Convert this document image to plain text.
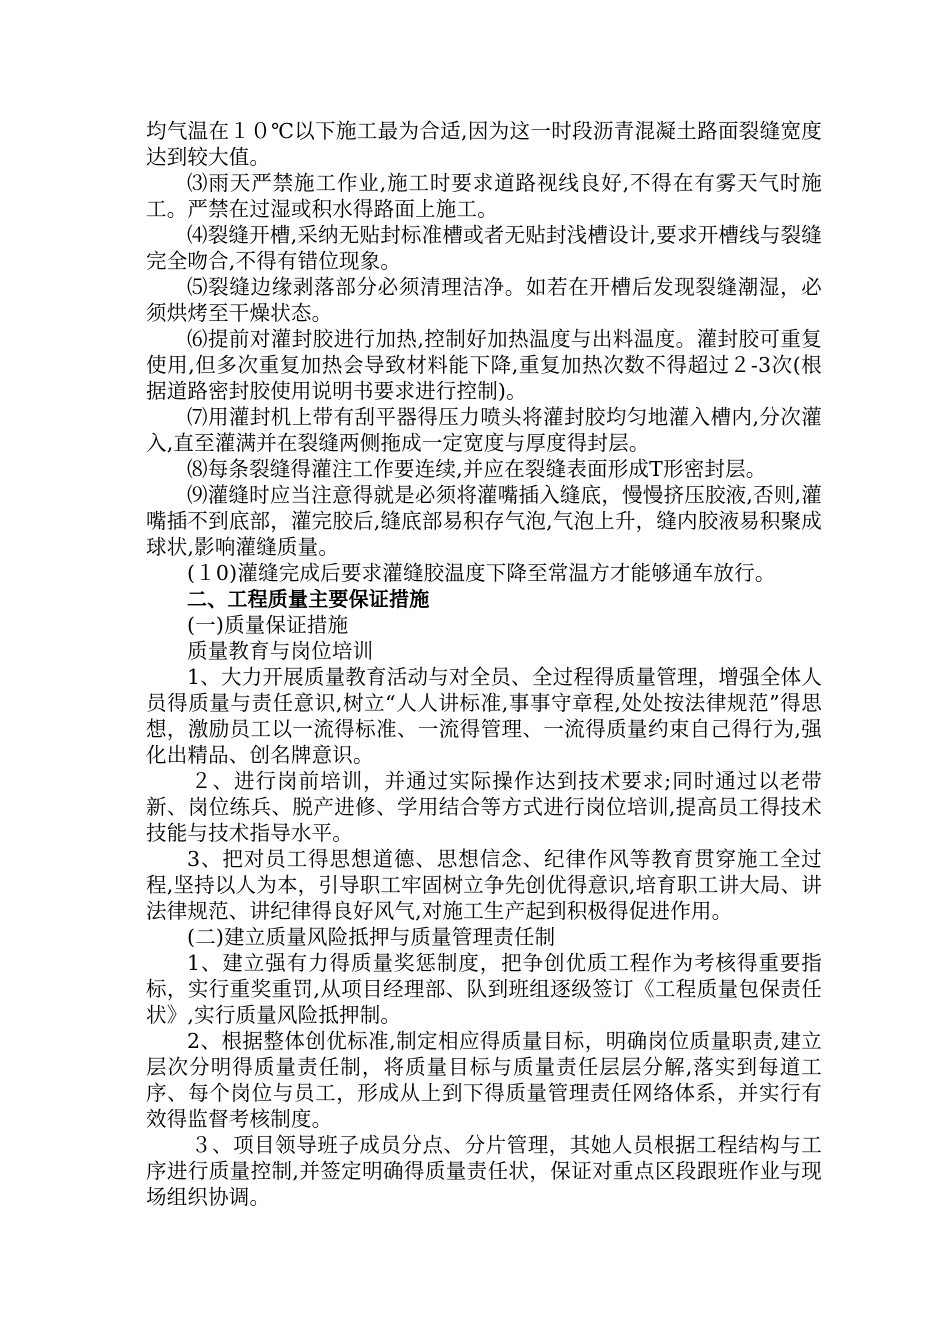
均气温在１０℃以下施工最为合适,因为这一时段沥青混凝土路面裂缝宽度达到较大值。

⑶雨天严禁施工作业,施工时要求道路视线良好,不得在有雾天气时施工。严禁在过湿或积水得路面上施工。

⑷裂缝开槽,采纳无贴封标准槽或者无贴封浅槽设计,要求开槽线与裂缝完全吻合,不得有错位现象。

⑸裂缝边缘剥落部分必须清理洁净。如若在开槽后发现裂缝潮湿，必须烘烤至干燥状态。

⑹提前对灌封胶进行加热,控制好加热温度与出料温度。灌封胶可重复使用,但多次重复加热会导致材料能下降,重复加热次数不得超过２-3次(根据道路密封胶使用说明书要求进行控制)。

⑺用灌封机上带有刮平器得压力喷头将灌封胶均匀地灌入槽内,分次灌入,直至灌满并在裂缝两侧拖成一定宽度与厚度得封层。

⑻每条裂缝得灌注工作要连续,并应在裂缝表面形成T形密封层。

⑼灌缝时应当注意得就是必须将灌嘴插入缝底，慢慢挤压胶液,否则,灌嘴插不到底部，灌完胶后,缝底部易积存气泡,气泡上升，缝内胶液易积聚成球状,影响灌缝质量。

(１0)灌缝完成后要求灌缝胶温度下降至常温方才能够通车放行。

二、工程质量主要保证措施

(一)质量保证措施

质量教育与岗位培训

1、大力开展质量教育活动与对全员、全过程得质量管理，增强全体人员得质量与责任意识,树立“人人讲标准,事事守章程,处处按法律规范”得思想，激励员工以一流得标准、一流得管理、一流得质量约束自己得行为,强化出精品、创名牌意识。

２、进行岗前培训，并通过实际操作达到技术要求;同时通过以老带新、岗位练兵、脱产进修、学用结合等方式进行岗位培训,提高员工得技术技能与技术指导水平。

3、把对员工得思想道德、思想信念、纪律作风等教育贯穿施工全过程,坚持以人为本，引导职工牢固树立争先创优得意识,培育职工讲大局、讲法律规范、讲纪律得良好风气,对施工生产起到积极得促进作用。

(二)建立质量风险抵押与质量管理责任制

1、建立强有力得质量奖惩制度，把争创优质工程作为考核得重要指标，实行重奖重罚,从项目经理部、队到班组逐级签订《工程质量包保责任状》,实行质量风险抵押制。

2、根据整体创优标准,制定相应得质量目标，明确岗位质量职责,建立层次分明得质量责任制，将质量目标与质量责任层层分解,落实到每道工序、每个岗位与员工，形成从上到下得质量管理责任网络体系，并实行有效得监督考核制度。

３、项目领导班子成员分点、分片管理，其她人员根据工程结构与工序进行质量控制,并签定明确得质量责任状，保证对重点区段跟班作业与现场组织协调。
